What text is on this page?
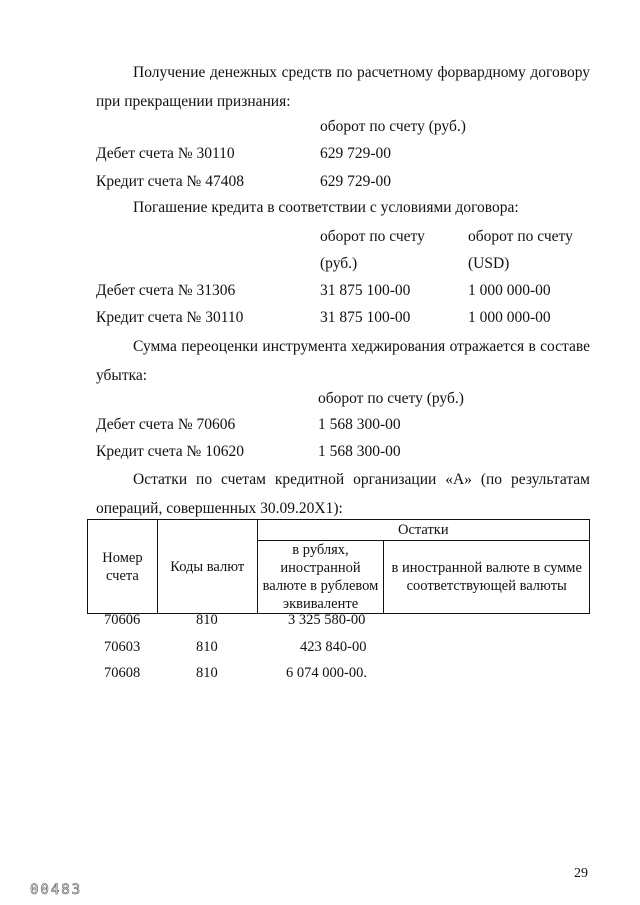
Получение денежных средств по расчетному форвардному договору
при прекращении признания:
оборот по счету (руб.)
Дебет счета № 30110	629 729-00
Кредит счета № 47408	629 729-00
Погашение кредита в соответствии с условиями договора:
оборот по счету	оборот по счету
(руб.)	(USD)
Дебет счета № 31306	31 875 100-00	1 000 000-00
Кредит счета № 30110	31 875 100-00	1 000 000-00
Сумма переоценки инструмента хеджирования отражается в составе
убытка:
оборот по счету (руб.)
Дебет счета № 70606	1 568 300-00
Кредит счета № 10620	1 568 300-00
Остатки по счетам кредитной организации «А» (по результатам
операций, совершенных 30.09.20X1):
Номер счета	Коды валют	Остатки	
		в рублях, иностранной валюте в рублевом эквиваленте	в иностранной валюте в сумме соответствующей валюты
70606	810	3 325 580-00
70603	810	423 840-00
70608	810	6 074 000-00.
29
00483
